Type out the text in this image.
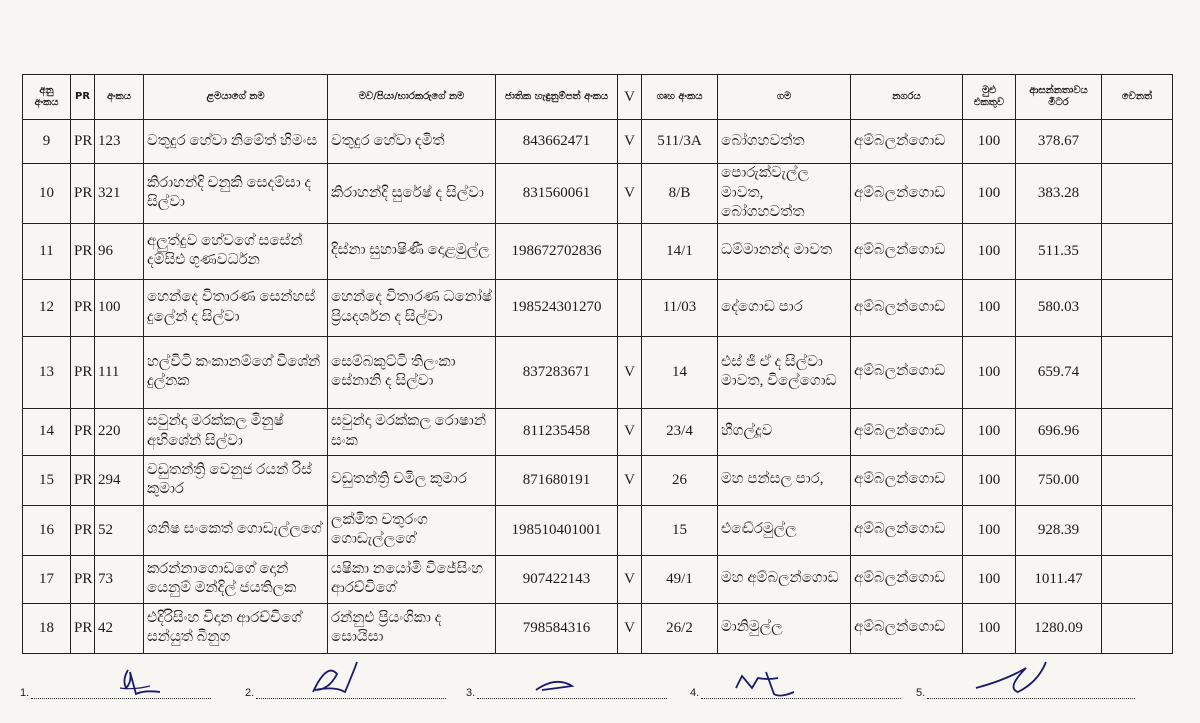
අනු අංකය	PR	අංකය	ළමයාගේ නම	මව/පියා/භාරකරුගේ නම	ජාතික හැඳුනුම්පත් අංකය	V	ගෘහ අංකය	ගම	නගරය	මුළු එකතුව	ආසන්නතාවය මීටර	වෙනත්
9	PR	123	වතුදුර හේවා නිමේත් හිමංස	වතුදුර හේවා දමිත්	843662471	V	511/3A	බෝගහවත්ත	අම්බලන්ගොඩ	100	378.67	
10	PR	321	කිරාහන්දි චනුකි සෙදම්සා ද සිල්වා	කිරාහන්දි සුරේෂ් ද සිල්වා	831560061	V	8/B	පොරුක්වැල්ල මාවත, බෝගහවත්ත	අම්බලන්ගොඩ	100	383.28	
11	PR	96	අලුත්දුව හේවගේ සසේන් දම්සිළු ගුණවර්ධන	දිස්නා සුහාෂිණී දොළමුල්ල	198672702836		14/1	ධම්මානන්ද මාවත	අම්බලන්ගොඩ	100	511.35	
12	PR	100	හෙන්දෙ විතාරණ සෙන්හස් දුලේන් ද සිල්වා	හෙන්දෙ විතාරණ ධනෝෂ් ප්‍රියදර්ශන ද සිල්වා	198524301270		11/03	දේගොඩ පාර	අම්බලන්ගොඩ	100	580.03	
13	PR	111	හල්විටි කංකානම්ගේ විශේන් දුල්නක	සෙම්බකුට්ටි තිලංකා සේනානි ද සිල්වා	837283671	V	14	එස් ජී ඒ ද සිල්වා මාවත, විලේගොඩ	අම්බලන්ගොඩ	100	659.74	
14	PR	220	සවුන්දා මරක්කල මිනුෂ් අභිශේන් සිල්වා	සවුන්දා මරක්කල රොෂාන් සංක	811235458	V	23/4	හීගල්දූව	අම්බලන්ගොඩ	100	696.96	
15	PR	294	වඩුතන්ත්‍රි වෙනුජ රයන් රිස් කුමාර	වඩුතන්ත්‍රි චමිල කුමාර	871680191	V	26	මහ පන්සල පාර,	අම්බලන්ගොඩ	100	750.00	
16	PR	52	ශනිෂ සංකෙත් ගොඩැල්ලගේ	ලක්මිත චතුරංග ගොඩැල්ලගේ	198510401001		15	එඬේරමුල්ල	අම්බලන්ගොඩ	100	928.39	
17	PR	73	කරන්නාගොඩගේ දොන් යෙනුම් මන්දිල් ජයතිලක	යෂිකා නයෝමි විජේසිංහ ආරච්චිගේ	907422143	V	49/1	මහ අම්බලන්ගොඩ	අම්බලන්ගොඩ	100	1011.47	
18	PR	42	එදිරිසිංහ විදාන ආරච්චිගේ සන්යුත් බිනුග	රන්නුළු ප්‍රියංගිකා ද සොයිසා	798584316	V	26/2	මානිමුල්ල	අම්බලන්ගොඩ	100	1280.09	
1.	2.	3.	4.	5.
